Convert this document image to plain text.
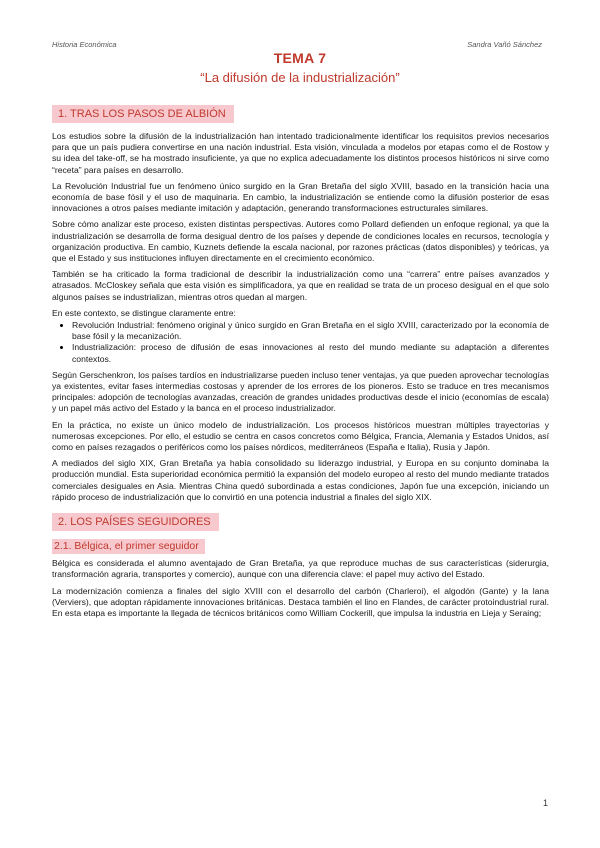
Historia Económica	Sandra Vañó Sánchez
TEMA 7
“La difusión de la industrialización”
1. TRAS LOS PASOS DE ALBIÓN

Los estudios sobre la difusión de la industrialización han intentado tradicionalmente identificar los requisitos previos necesarios para que un país pudiera convertirse en una nación industrial. Esta visión, vinculada a modelos por etapas como el de Rostow y su idea del take-off, se ha mostrado insuficiente, ya que no explica adecuadamente los distintos procesos históricos ni sirve como “receta” para países en desarrollo.

La Revolución Industrial fue un fenómeno único surgido en la Gran Bretaña del siglo XVIII, basado en la transición hacia una economía de base fósil y el uso de maquinaria. En cambio, la industrialización se entiende como la difusión posterior de esas innovaciones a otros países mediante imitación y adaptación, generando transformaciones estructurales similares.

Sobre cómo analizar este proceso, existen distintas perspectivas. Autores como Pollard defienden un enfoque regional, ya que la industrialización se desarrolla de forma desigual dentro de los países y depende de condiciones locales en recursos, tecnología y organización productiva. En cambio, Kuznets defiende la escala nacional, por razones prácticas (datos disponibles) y teóricas, ya que el Estado y sus instituciones influyen directamente en el crecimiento económico.

También se ha criticado la forma tradicional de describir la industrialización como una “carrera” entre países avanzados y atrasados. McCloskey señala que esta visión es simplificadora, ya que en realidad se trata de un proceso desigual en el que solo algunos países se industrializan, mientras otros quedan al margen.

En este contexto, se distingue claramente entre:

• Revolución Industrial: fenómeno original y único surgido en Gran Bretaña en el siglo XVIII, caracterizado por la economía de base fósil y la mecanización.
• Industrialización: proceso de difusión de esas innovaciones al resto del mundo mediante su adaptación a diferentes contextos.

Según Gerschenkron, los países tardíos en industrializarse pueden incluso tener ventajas, ya que pueden aprovechar tecnologías ya existentes, evitar fases intermedias costosas y aprender de los errores de los pioneros. Esto se traduce en tres mecanismos principales: adopción de tecnologías avanzadas, creación de grandes unidades productivas desde el inicio (economías de escala) y un papel más activo del Estado y la banca en el proceso industrializador.

En la práctica, no existe un único modelo de industrialización. Los procesos históricos muestran múltiples trayectorias y numerosas excepciones. Por ello, el estudio se centra en casos concretos como Bélgica, Francia, Alemania y Estados Unidos, así como en países rezagados o periféricos como los países nórdicos, mediterráneos (España e Italia), Rusia y Japón.

A mediados del siglo XIX, Gran Bretaña ya había consolidado su liderazgo industrial, y Europa en su conjunto dominaba la producción mundial. Esta superioridad económica permitió la expansión del modelo europeo al resto del mundo mediante tratados comerciales desiguales en Asia. Mientras China quedó subordinada a estas condiciones, Japón fue una excepción, iniciando un rápido proceso de industrialización que lo convirtió en una potencia industrial a finales del siglo XIX.

2. LOS PAÍSES SEGUIDORES
2.1. Bélgica, el primer seguidor

Bélgica es considerada el alumno aventajado de Gran Bretaña, ya que reproduce muchas de sus características (siderurgia, transformación agraria, transportes y comercio), aunque con una diferencia clave: el papel muy activo del Estado.

La modernización comienza a finales del siglo XVIII con el desarrollo del carbón (Charleroi), el algodón (Gante) y la lana (Verviers), que adoptan rápidamente innovaciones británicas. Destaca también el lino en Flandes, de carácter protoindustrial rural. En esta etapa es importante la llegada de técnicos británicos como William Cockerill, que impulsa la industria en Lieja y Seraing;

1
